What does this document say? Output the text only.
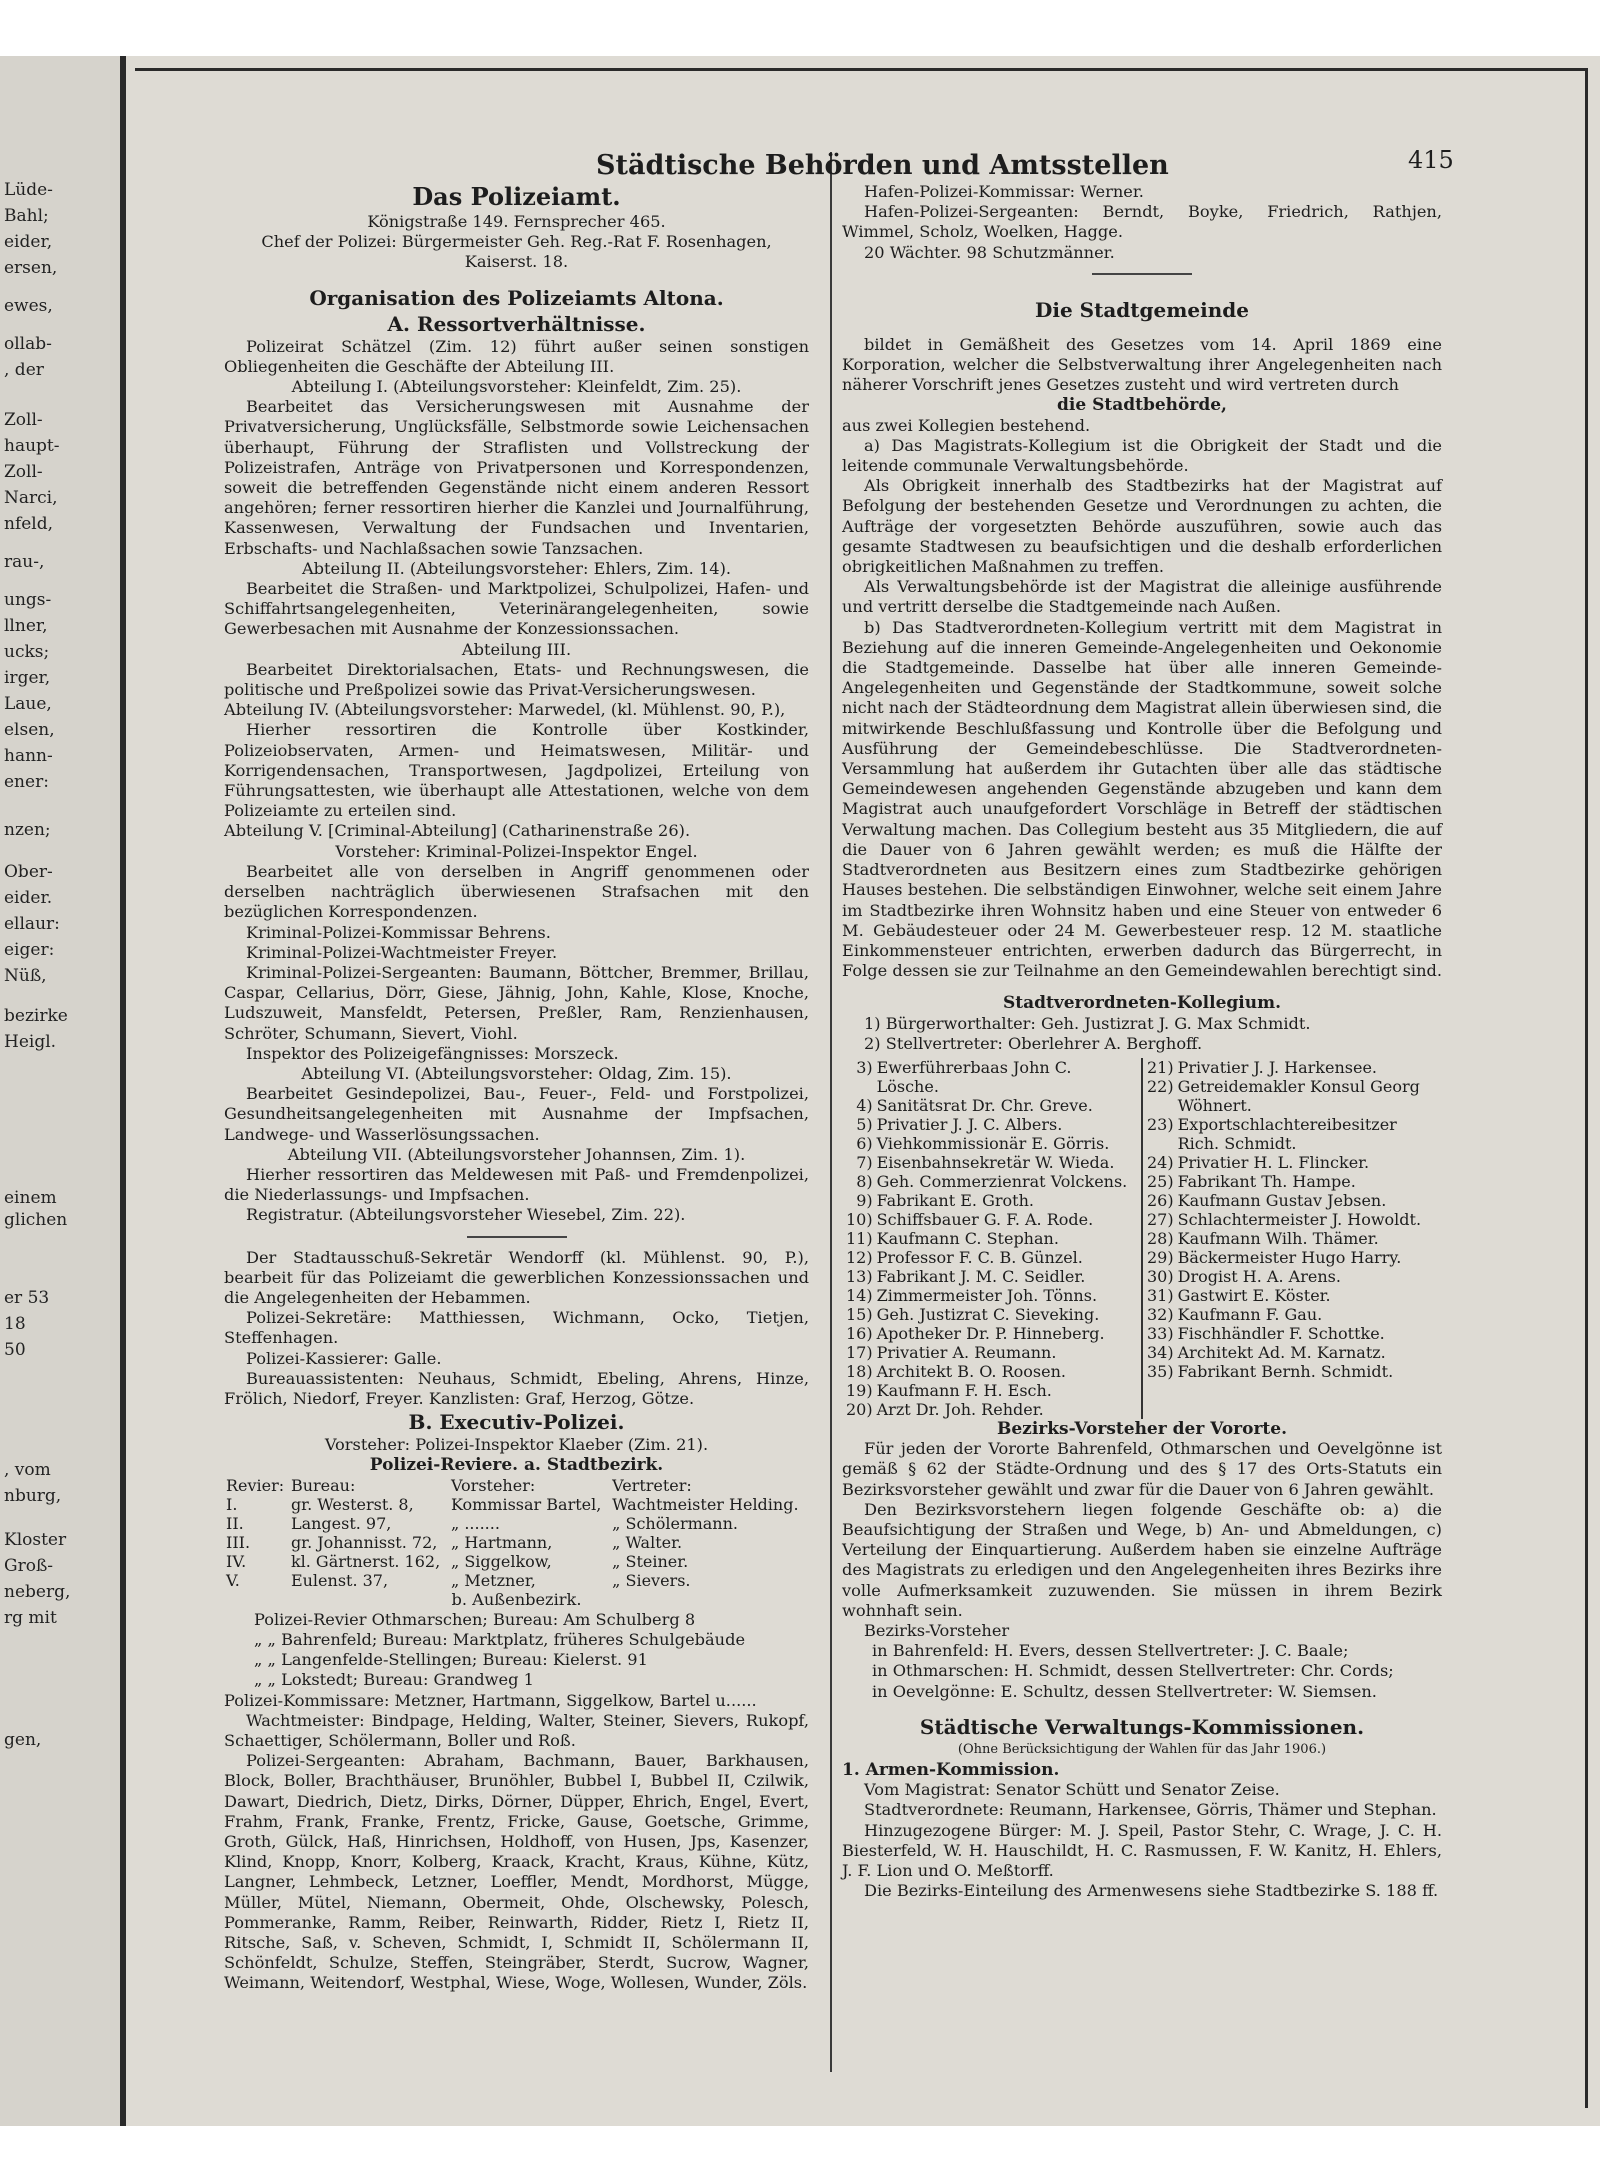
Lüde-
Bahl;
eider,
ersen,
ewes,
ollab-
, der
Zoll-
haupt-
Zoll-
Narci,
nfeld,
rau-,
ungs-
llner,
ucks;
irger,
Laue,
elsen,
hann-
ener:
nzen;
Ober-
eider.
ellaur:
eiger:
Nüß,
bezirke
Heigl.
einem
glichen
er 53
18
50
, vom
nburg,
Kloster
Groß-
neberg,
rg mit
gen,
Städtische Behörden und Amtsstellen	415

Das Polizeiamt.

Königstraße 149. Fernsprecher 465.

Chef der Polizei: Bürgermeister Geh. Reg.-Rat F. Rosenhagen, Kaiserst. 18.

Organisation des Polizeiamts Altona.

A. Ressortverhältnisse.

Polizeirat Schätzel (Zim. 12) führt außer seinen sonstigen Obliegenheiten die Geschäfte der Abteilung III.

Abteilung I. (Abteilungsvorsteher: Kleinfeldt, Zim. 25).

Bearbeitet das Versicherungswesen mit Ausnahme der Privatversicherung, Unglücksfälle, Selbstmorde sowie Leichensachen überhaupt, Führung der Straflisten und Vollstreckung der Polizeistrafen, Anträge von Privatpersonen und Korrespondenzen, soweit die betreffenden Gegenstände nicht einem anderen Ressort angehören; ferner ressortiren hierher die Kanzlei und Journalführung, Kassenwesen, Verwaltung der Fundsachen und Inventarien, Erbschafts- und Nachlaßsachen sowie Tanzsachen.

Abteilung II. (Abteilungsvorsteher: Ehlers, Zim. 14).

Bearbeitet die Straßen- und Marktpolizei, Schulpolizei, Hafen- und Schiffahrtsangelegenheiten, Veterinärangelegenheiten, sowie Gewerbesachen mit Ausnahme der Konzessionssachen.

Abteilung III.

Bearbeitet Direktorialsachen, Etats- und Rechnungswesen, die politische und Preßpolizei sowie das Privat-Versicherungswesen.

Abteilung IV. (Abteilungsvorsteher: Marwedel, (kl. Mühlenst. 90, P.),

Hierher ressortiren die Kontrolle über Kostkinder, Polizeiobservaten, Armen- und Heimatswesen, Militär- und Korrigendensachen, Transportwesen, Jagdpolizei, Erteilung von Führungsattesten, wie überhaupt alle Attestationen, welche von dem Polizeiamte zu erteilen sind.

Abteilung V. [Criminal-Abteilung] (Catharinenstraße 26).

Vorsteher: Kriminal-Polizei-Inspektor Engel.

Bearbeitet alle von derselben in Angriff genommenen oder derselben nachträglich überwiesenen Strafsachen mit den bezüglichen Korrespondenzen.

Kriminal-Polizei-Kommissar Behrens.

Kriminal-Polizei-Wachtmeister Freyer.

Kriminal-Polizei-Sergeanten: Baumann, Böttcher, Bremmer, Brillau, Caspar, Cellarius, Dörr, Giese, Jähnig, John, Kahle, Klose, Knoche, Ludszuweit, Mansfeldt, Petersen, Preßler, Ram, Renzienhausen, Schröter, Schumann, Sievert, Viohl.

Inspektor des Polizeigefängnisses: Morszeck.

Abteilung VI. (Abteilungsvorsteher: Oldag, Zim. 15).

Bearbeitet Gesindepolizei, Bau-, Feuer-, Feld- und Forstpolizei, Gesundheitsangelegenheiten mit Ausnahme der Impfsachen, Landwege- und Wasserlösungssachen.

Abteilung VII. (Abteilungsvorsteher Johannsen, Zim. 1).

Hierher ressortiren das Meldewesen mit Paß- und Fremdenpolizei, die Niederlassungs- und Impfsachen.

Registratur. (Abteilungsvorsteher Wiesebel, Zim. 22).

Der Stadtausschuß-Sekretär Wendorff (kl. Mühlenst. 90, P.), bearbeit für das Polizeiamt die gewerblichen Konzessionssachen und die Angelegenheiten der Hebammen.

Polizei-Sekretäre: Matthiessen, Wichmann, Ocko, Tietjen, Steffenhagen.

Polizei-Kassierer: Galle.

Bureauassistenten: Neuhaus, Schmidt, Ebeling, Ahrens, Hinze, Frölich, Niedorf, Freyer. Kanzlisten: Graf, Herzog, Götze.

B. Executiv-Polizei.

Vorsteher: Polizei-Inspektor Klaeber (Zim. 21).

Polizei-Reviere. a. Stadtbezirk.

Revier:	Bureau:	Vorsteher:	Vertreter:
I.	gr. Westerst. 8,	Kommissar Bartel,	Wachtmeister Helding.
II.	Langest. 97,	„ .......	„ Schölermann.
III.	gr. Johannisst. 72,	„ Hartmann,	„ Walter.
IV.	kl. Gärtnerst. 162,	„ Siggelkow,	„ Steiner.
V.	Eulenst. 37,	„ Metzner,	„ Sievers.

b. Außenbezirk.

Polizei-Revier Othmarschen; Bureau: Am Schulberg 8

„ „ Bahrenfeld; Bureau: Marktplatz, früheres Schulgebäude

„ „ Langenfelde-Stellingen; Bureau: Kielerst. 91

„ „ Lokstedt; Bureau: Grandweg 1

Polizei-Kommissare: Metzner, Hartmann, Siggelkow, Bartel u......

Wachtmeister: Bindpage, Helding, Walter, Steiner, Sievers, Rukopf, Schaettiger, Schölermann, Boller und Roß.

Polizei-Sergeanten: Abraham, Bachmann, Bauer, Barkhausen, Block, Boller, Brachthäuser, Brunöhler, Bubbel I, Bubbel II, Czilwik, Dawart, Diedrich, Dietz, Dirks, Dörner, Düpper, Ehrich, Engel, Evert, Frahm, Frank, Franke, Frentz, Fricke, Gause, Goetsche, Grimme, Groth, Gülck, Haß, Hinrichsen, Holdhoff, von Husen, Jps, Kasenzer, Klind, Knopp, Knorr, Kolberg, Kraack, Kracht, Kraus, Kühne, Kütz, Langner, Lehmbeck, Letzner, Loeffler, Mendt, Mordhorst, Mügge, Müller, Mütel, Niemann, Obermeit, Ohde, Olschewsky, Polesch, Pommeranke, Ramm, Reiber, Reinwarth, Ridder, Rietz I, Rietz II, Ritsche, Saß, v. Scheven, Schmidt, I, Schmidt II, Schölermann II, Schönfeldt, Schulze, Steffen, Steingräber, Sterdt, Sucrow, Wagner, Weimann, Weitendorf, Westphal, Wiese, Woge, Wollesen, Wunder, Zöls.

Hafen-Polizei-Kommissar: Werner.

Hafen-Polizei-Sergeanten: Berndt, Boyke, Friedrich, Rathjen, Wimmel, Scholz, Woelken, Hagge.

20 Wächter. 98 Schutzmänner.

Die Stadtgemeinde

bildet in Gemäßheit des Gesetzes vom 14. April 1869 eine Korporation, welcher die Selbstverwaltung ihrer Angelegenheiten nach näherer Vorschrift jenes Gesetzes zusteht und wird vertreten durch

die Stadtbehörde,

aus zwei Kollegien bestehend.

a) Das Magistrats-Kollegium ist die Obrigkeit der Stadt und die leitende communale Verwaltungsbehörde.

Als Obrigkeit innerhalb des Stadtbezirks hat der Magistrat auf Befolgung der bestehenden Gesetze und Verordnungen zu achten, die Aufträge der vorgesetzten Behörde auszuführen, sowie auch das gesamte Stadtwesen zu beaufsichtigen und die deshalb erforderlichen obrigkeitlichen Maßnahmen zu treffen.

Als Verwaltungsbehörde ist der Magistrat die alleinige ausführende und vertritt derselbe die Stadtgemeinde nach Außen.

b) Das Stadtverordneten-Kollegium vertritt mit dem Magistrat in Beziehung auf die inneren Gemeinde-Angelegenheiten und Oekonomie die Stadtgemeinde. Dasselbe hat über alle inneren Gemeinde-Angelegenheiten und Gegenstände der Stadtkommune, soweit solche nicht nach der Städteordnung dem Magistrat allein überwiesen sind, die mitwirkende Beschlußfassung und Kontrolle über die Befolgung und Ausführung der Gemeindebeschlüsse. Die Stadtverordneten-Versammlung hat außerdem ihr Gutachten über alle das städtische Gemeindewesen angehenden Gegenstände abzugeben und kann dem Magistrat auch unaufgefordert Vorschläge in Betreff der städtischen Verwaltung machen. Das Collegium besteht aus 35 Mitgliedern, die auf die Dauer von 6 Jahren gewählt werden; es muß die Hälfte der Stadtverordneten aus Besitzern eines zum Stadtbezirke gehörigen Hauses bestehen. Die selbständigen Einwohner, welche seit einem Jahre im Stadtbezirke ihren Wohnsitz haben und eine Steuer von entweder 6 M. Gebäudesteuer oder 24 M. Gewerbesteuer resp. 12 M. staatliche Einkommensteuer entrichten, erwerben dadurch das Bürgerrecht, in Folge dessen sie zur Teilnahme an den Gemeindewahlen berechtigt sind.

Stadtverordneten-Kollegium.

1) Bürgerworthalter: Geh. Justizrat J. G. Max Schmidt.

2) Stellvertreter: Oberlehrer A. Berghoff.

3)	Ewerführerbaas John C. Lösche.
4)	Sanitätsrat Dr. Chr. Greve.
5)	Privatier J. J. C. Albers.
6)	Viehkommissionär E. Görris.
7)	Eisenbahnsekretär W. Wieda.
8)	Geh. Commerzienrat Volckens.
9)	Fabrikant E. Groth.
10)	Schiffsbauer G. F. A. Rode.
11)	Kaufmann C. Stephan.
12)	Professor F. C. B. Günzel.
13)	Fabrikant J. M. C. Seidler.
14)	Zimmermeister Joh. Tönns.
15)	Geh. Justizrat C. Sieveking.
16)	Apotheker Dr. P. Hinneberg.
17)	Privatier A. Reumann.
18)	Architekt B. O. Roosen.
19)	Kaufmann F. H. Esch.
20)	Arzt Dr. Joh. Rehder.

21)	Privatier J. J. Harkensee.
22)	Getreidemakler Konsul Georg Wöhnert.
23)	Exportschlachtereibesitzer Rich. Schmidt.
24)	Privatier H. L. Flincker.
25)	Fabrikant Th. Hampe.
26)	Kaufmann Gustav Jebsen.
27)	Schlachtermeister J. Howoldt.
28)	Kaufmann Wilh. Thämer.
29)	Bäckermeister Hugo Harry.
30)	Drogist H. A. Arens.
31)	Gastwirt E. Köster.
32)	Kaufmann F. Gau.
33)	Fischhändler F. Schottke.
34)	Architekt Ad. M. Karnatz.
35)	Fabrikant Bernh. Schmidt.

Bezirks-Vorsteher der Vororte.

Für jeden der Vororte Bahrenfeld, Othmarschen und Oevelgönne ist gemäß § 62 der Städte-Ordnung und des § 17 des Orts-Statuts ein Bezirksvorsteher gewählt und zwar für die Dauer von 6 Jahren gewählt.

Den Bezirksvorstehern liegen folgende Geschäfte ob: a) die Beaufsichtigung der Straßen und Wege, b) An- und Abmeldungen, c) Verteilung der Einquartierung. Außerdem haben sie einzelne Aufträge des Magistrats zu erledigen und den Angelegenheiten ihres Bezirks ihre volle Aufmerksamkeit zuzuwenden. Sie müssen in ihrem Bezirk wohnhaft sein.

Bezirks-Vorsteher

in Bahrenfeld: H. Evers, dessen Stellvertreter: J. C. Baale;

in Othmarschen: H. Schmidt, dessen Stellvertreter: Chr. Cords;

in Oevelgönne: E. Schultz, dessen Stellvertreter: W. Siemsen.

Städtische Verwaltungs-Kommissionen.

(Ohne Berücksichtigung der Wahlen für das Jahr 1906.)

1. Armen-Kommission.

Vom Magistrat: Senator Schütt und Senator Zeise.

Stadtverordnete: Reumann, Harkensee, Görris, Thämer und Stephan.

Hinzugezogene Bürger: M. J. Speil, Pastor Stehr, C. Wrage, J. C. H. Biesterfeld, W. H. Hauschildt, H. C. Rasmussen, F. W. Kanitz, H. Ehlers, J. F. Lion und O. Meßtorff.

Die Bezirks-Einteilung des Armenwesens siehe Stadtbezirke S. 188 ff.
